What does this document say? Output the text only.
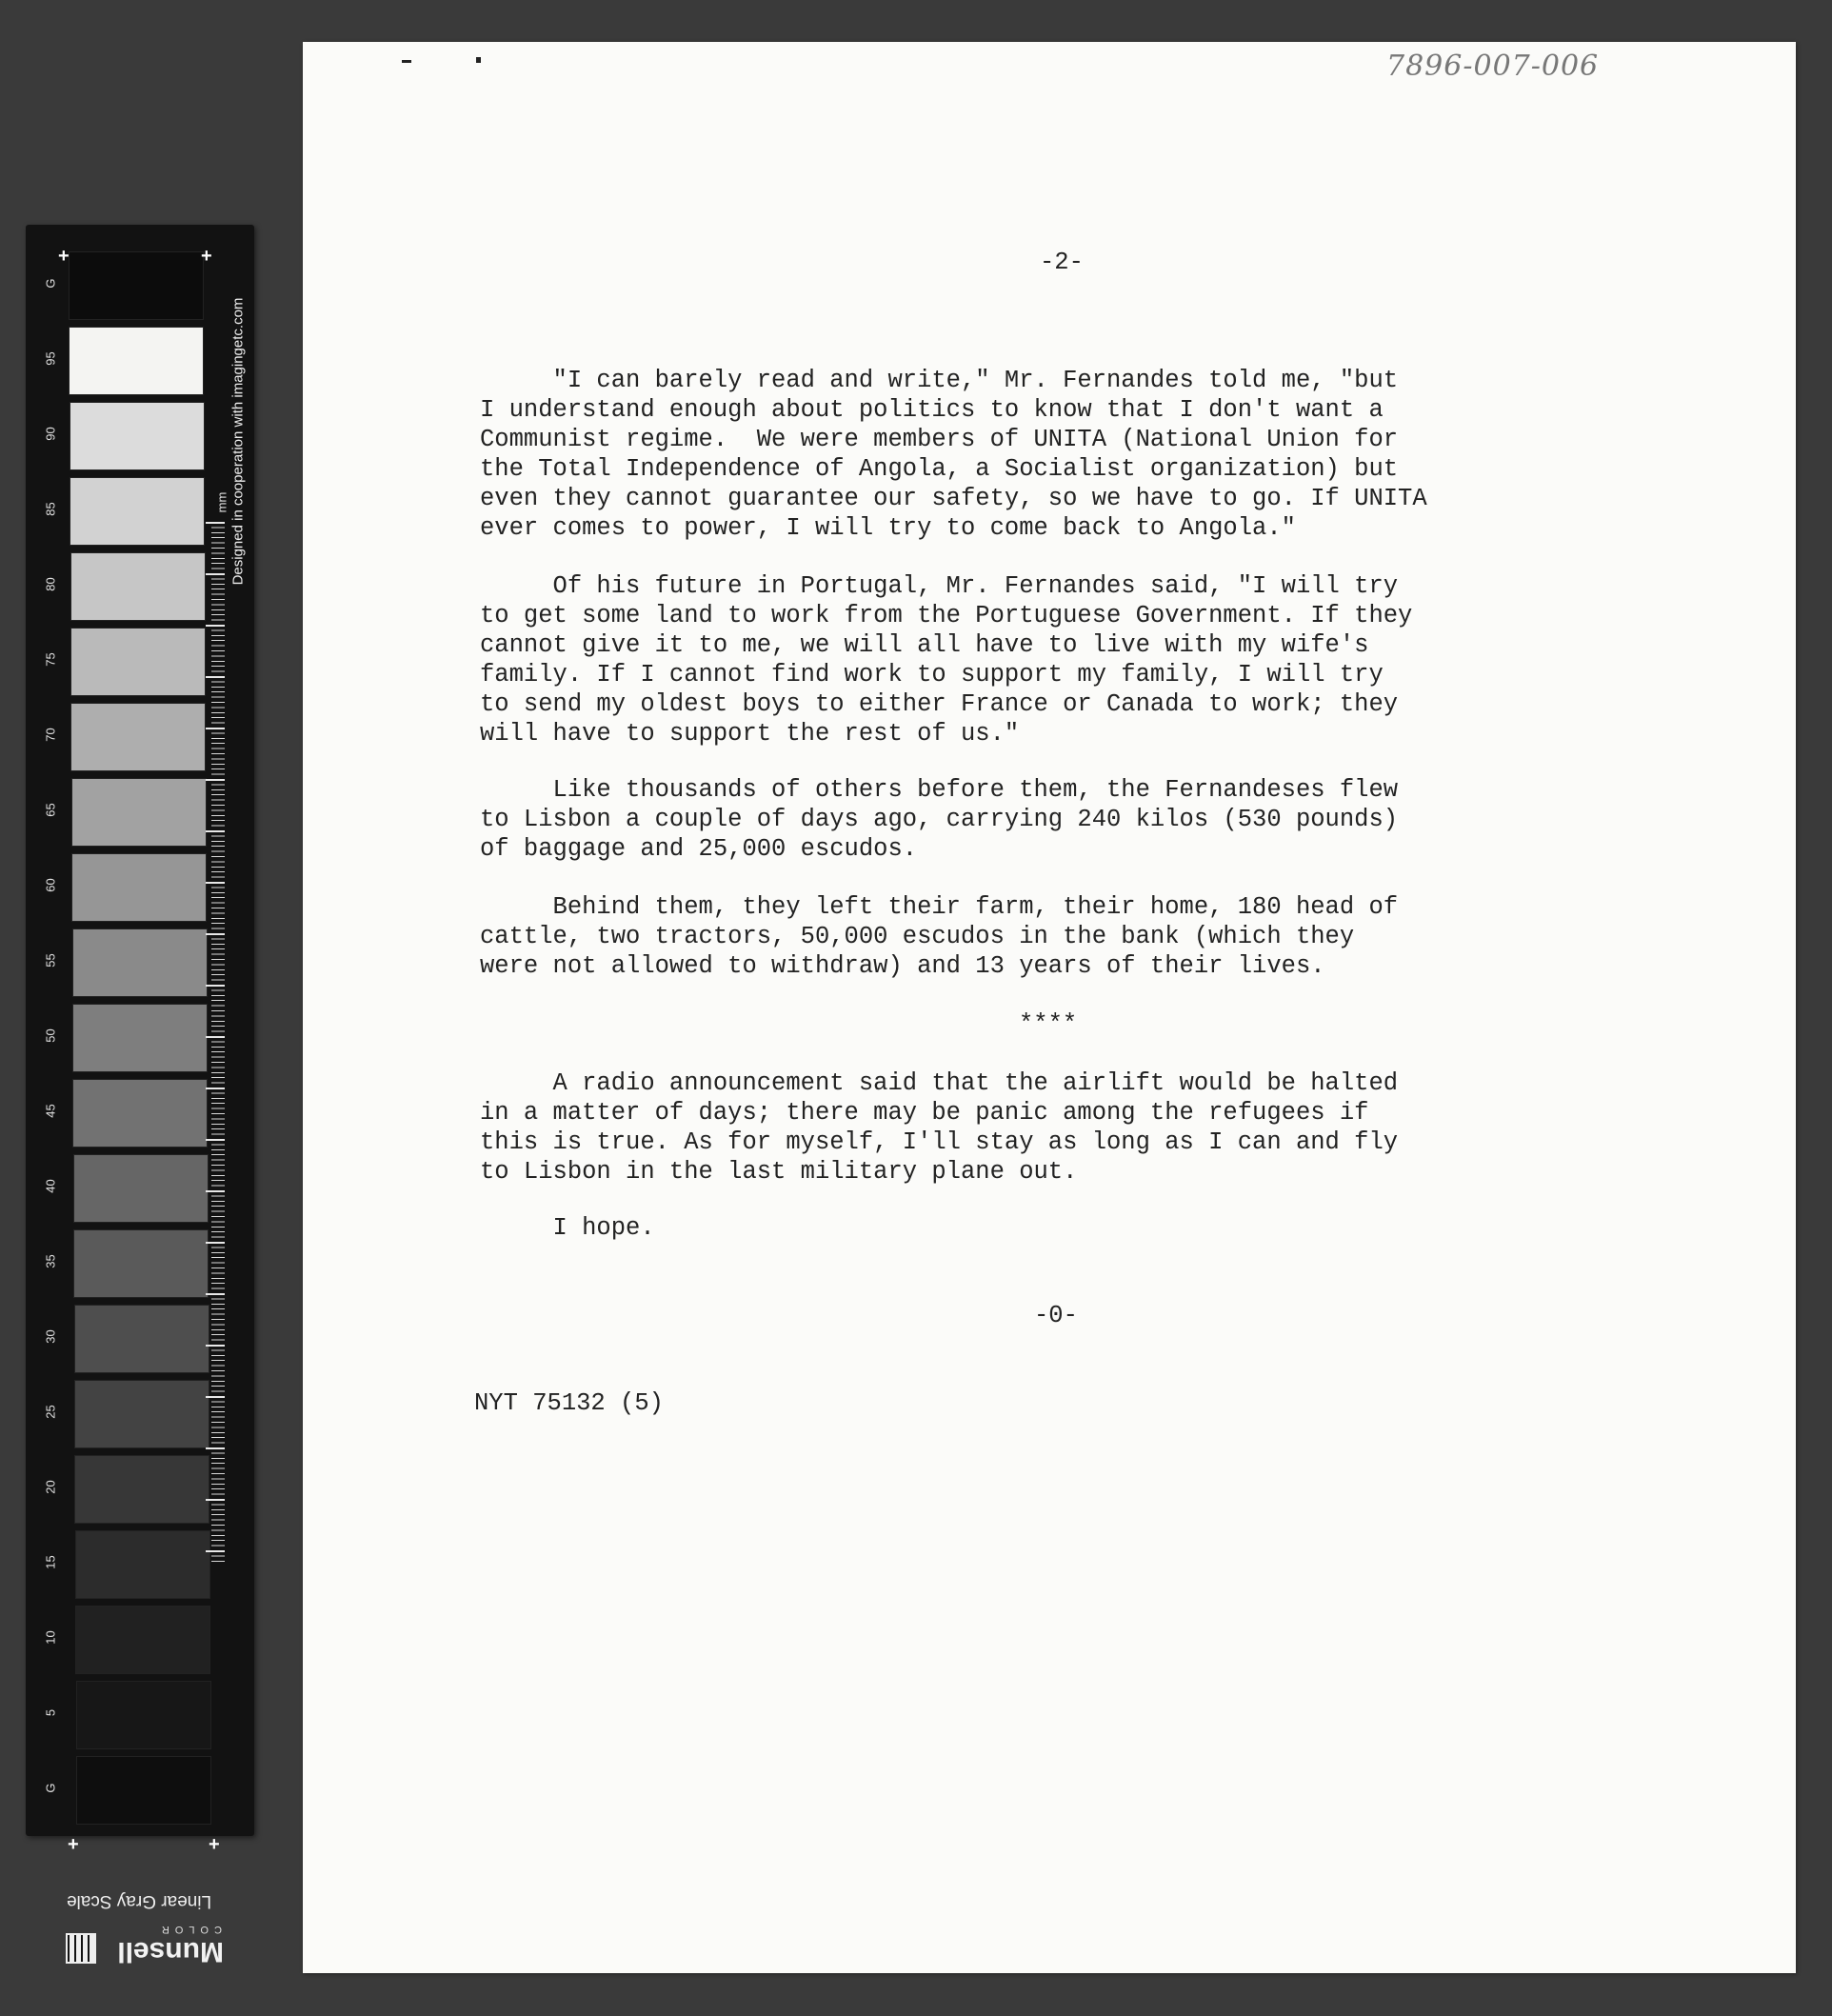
G
95
90
85
80
75
70
65
60
55
50
45
40
35
30
25
20
15
10
5
G
+	+
+	+
mm Designed in cooperation with imagingetc.com
Linear Gray Scale
Munsell
COLOR
7896-007-006
-2-
"I can barely read and write," Mr. Fernandes told me, "but
I understand enough about politics to know that I don't want a
Communist regime.  We were members of UNITA (National Union for
the Total Independence of Angola, a Socialist organization) but
even they cannot guarantee our safety, so we have to go. If UNITA
ever comes to power, I will try to come back to Angola."
Of his future in Portugal, Mr. Fernandes said, "I will try
to get some land to work from the Portuguese Government. If they
cannot give it to me, we will all have to live with my wife's
family. If I cannot find work to support my family, I will try
to send my oldest boys to either France or Canada to work; they
will have to support the rest of us."
Like thousands of others before them, the Fernandeses flew
to Lisbon a couple of days ago, carrying 240 kilos (530 pounds)
of baggage and 25,000 escudos.
Behind them, they left their farm, their home, 180 head of
cattle, two tractors, 50,000 escudos in the bank (which they
were not allowed to withdraw) and 13 years of their lives.
****
A radio announcement said that the airlift would be halted
in a matter of days; there may be panic among the refugees if
this is true. As for myself, I'll stay as long as I can and fly
to Lisbon in the last military plane out.
I hope.
-0-
NYT 75132 (5)
